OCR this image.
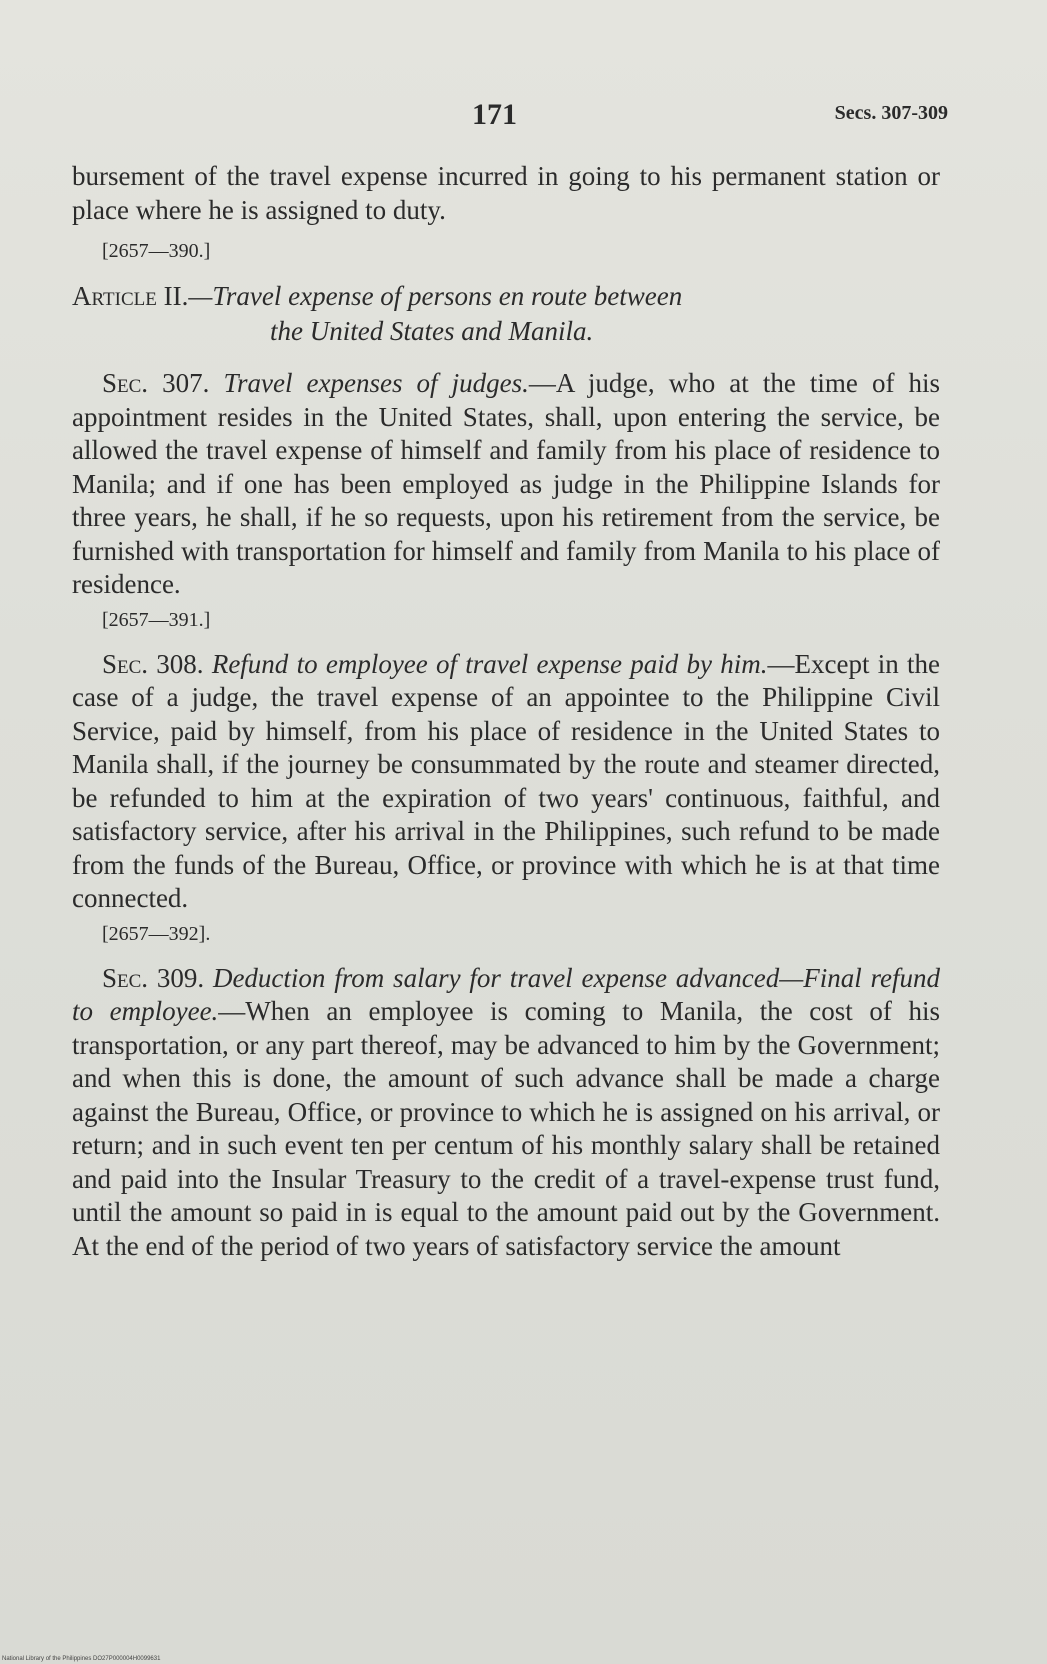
171	Secs. 307-309

bursement of the travel expense incurred in going to his permanent station or place where he is assigned to duty.

[2657—390.]

Article II.—Travel expense of persons en route between
the United States and Manila.

Sec. 307. Travel expenses of judges.—A judge, who at the time of his appointment resides in the United States, shall, upon entering the service, be allowed the travel expense of himself and family from his place of residence to Manila; and if one has been employed as judge in the Philippine Islands for three years, he shall, if he so requests, upon his retirement from the service, be furnished with transportation for himself and family from Manila to his place of residence.

[2657—391.]

Sec. 308. Refund to employee of travel expense paid by him.—Except in the case of a judge, the travel expense of an appointee to the Philippine Civil Service, paid by himself, from his place of residence in the United States to Manila shall, if the journey be consummated by the route and steamer directed, be refunded to him at the expiration of two years' continuous, faithful, and satisfactory service, after his arrival in the Philippines, such refund to be made from the funds of the Bureau, Office, or province with which he is at that time connected.

[2657—392].

Sec. 309. Deduction from salary for travel expense advanced—Final refund to employee.—When an employee is coming to Manila, the cost of his transportation, or any part thereof, may be advanced to him by the Government; and when this is done, the amount of such advance shall be made a charge against the Bureau, Office, or province to which he is assigned on his arrival, or return; and in such event ten per centum of his monthly salary shall be retained and paid into the Insular Treasury to the credit of a travel-expense trust fund, until the amount so paid in is equal to the amount paid out by the Government. At the end of the period of two years of satisfactory service the amount

National Library of the Philippines DO27P000004H0099631
